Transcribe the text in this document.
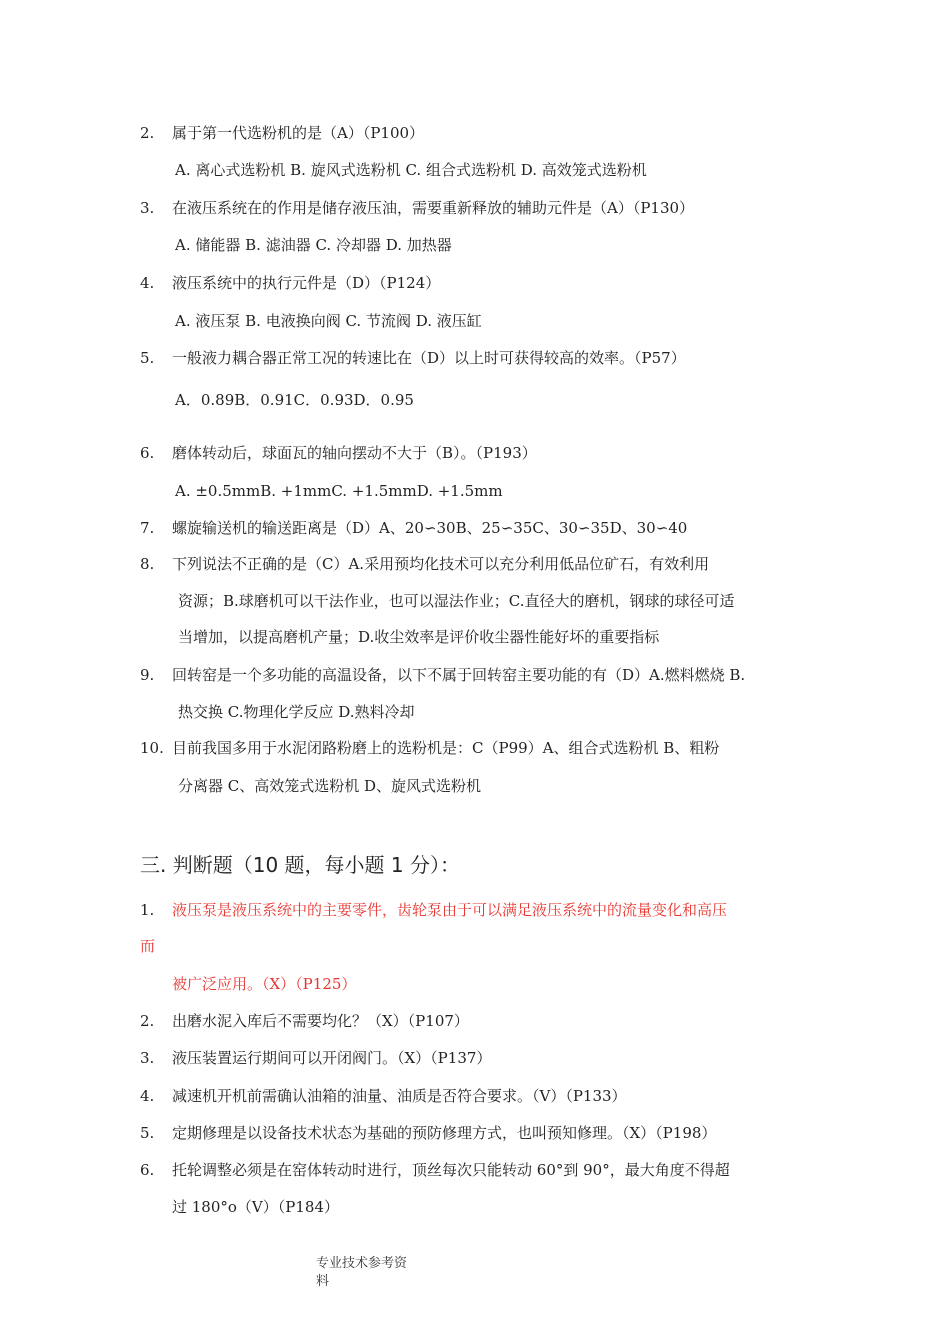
2. 属于第一代选粉机的是（A）（P100）
A. 离心式选粉机 B. 旋风式选粉机 C. 组合式选粉机 D. 高效笼式选粉机
3. 在液压系统在的作用是储存液压油，需要重新释放的辅助元件是（A）（P130）
A. 储能器 B. 滤油器 C. 冷却器 D. 加热器
4. 液压系统中的执行元件是（D）（P124）
A. 液压泵 B. 电液换向阀 C. 节流阀 D. 液压缸
5. 一般液力耦合器正常工况的转速比在（D）以上时可获得较高的效率。（P57）
A．0.89B．0.91C．0.93D．0.95
6. 磨体转动后，球面瓦的轴向摆动不大于（B）。（P193）
A. ±0.5mmB. +1mmC. +1.5mmD. +1.5mm
7. 螺旋输送机的输送距离是（D）A、20∽30B、25∽35C、30∽35D、30∽40
8. 下列说法不正确的是（C）A.采用预均化技术可以充分利用低品位矿石，有效利用
资源；B.球磨机可以干法作业，也可以湿法作业；C.直径大的磨机，钢球的球径可适
当增加，以提高磨机产量；D.收尘效率是评价收尘器性能好坏的重要指标
9. 回转窑是一个多功能的高温设备，以下不属于回转窑主要功能的有（D）A.燃料燃烧 B.
热交换 C.物理化学反应 D.熟料冷却
10. 目前我国多用于水泥闭路粉磨上的选粉机是：C（P99）A、组合式选粉机 B、粗粉
分离器 C、高效笼式选粉机 D、旋风式选粉机
三. 判断题（10 题，每小题 1 分）：
1. 液压泵是液压系统中的主要零件，齿轮泵由于可以满足液压系统中的流量变化和高压
而
被广泛应用。（X）（P125）
2. 出磨水泥入库后不需要均化？（X）（P107）
3. 液压装置运行期间可以开闭阀门。（X）（P137）
4. 减速机开机前需确认油箱的油量、油质是否符合要求。（V）（P133）
5. 定期修理是以设备技术状态为基础的预防修理方式，也叫预知修理。（X）（P198）
6. 托轮调整必须是在窑体转动时进行，顶丝每次只能转动 60°到 90°，最大角度不得超
过 180°o（V）（P184）
专业技术参考资
料
